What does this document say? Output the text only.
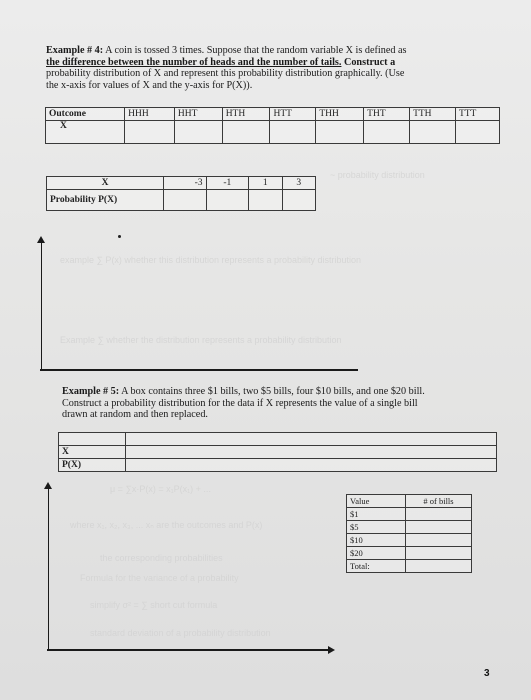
~ probability distribution
example ∑ P(x) whether this distribution represents a probability distribution
Example ∑ whether the distribution represents a probability distribution
μ = ∑x·P(x) = x₁P(x₁) + ...
where x₁, x₂, x₃, ... xₙ are the outcomes and P(x)
the corresponding probabilities
Formula for the variance of a probability
simplify σ² = ∑ short cut formula
standard deviation of a probability distribution
Example # 4: A coin is tossed 3 times. Suppose that the random variable X is defined as
the difference between the number of heads and the number of tails. Construct a
probability distribution of X and represent this probability distribution graphically. (Use
the x-axis for values of X and the y-axis for P(X)).
Outcome	HHH	HHT	HTH	HTT	THH	THT	TTH	TTT
X								
X	-3	-1	1	3
Probability P(X)				
Example # 5: A box contains three $1 bills, two $5 bills, four $10 bills, and one $20 bill.
Construct a probability distribution for the data if X represents the value of a single bill
drawn at random and then replaced.

X	
P(X)	
Value	# of bills
$1	
$5	
$10	
$20	
Total:	
3
